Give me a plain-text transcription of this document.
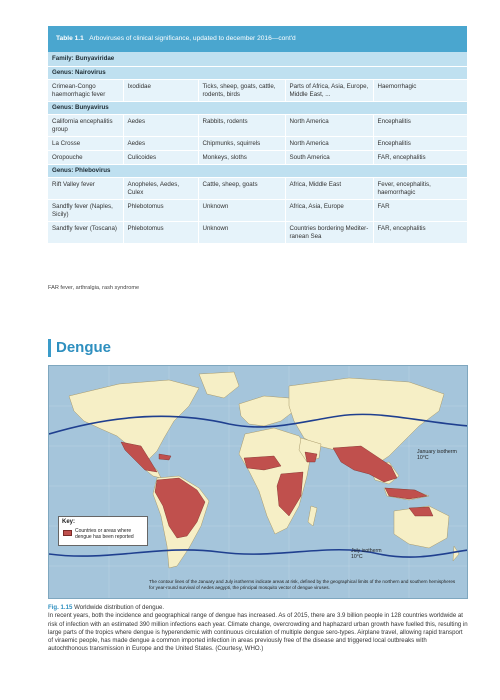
Table 1.1 Arboviruses of clinical significance, updated to december 2016—cont'd
Family: Bunyaviridae				
Genus: Nairovirus				
Crimean-Congo haemorrhagic fever	Ixodidae	Ticks, sheep, goats, cattle, rodents, birds	Parts of Africa, Asia, Europe, Middle East, ...	Haemorrhagic
Genus: Bunyavirus				
California encephalitis group	Aedes	Rabbits, rodents	North America	Encephalitis
La Crosse	Aedes	Chipmunks, squirrels	North America	Encephalitis
Oropouche	Culicoides	Monkeys, sloths	South America	FAR, encephalitis
Genus: Phlebovirus				
Rift Valley fever	Anopheles, Aedes, Culex	Cattle, sheep, goats	Africa, Middle East	Fever, encephalitis, haemorrhagic
Sandfly fever (Naples, Sicily)	Phlebotomus	Unknown	Africa, Asia, Europe	FAR
Sandfly fever (Toscana)	Phlebotomus	Unknown	Countries bordering Mediter-ranean Sea	FAR, encephalitis
FAR fever, arthralgia, rash syndrome
Dengue
January isotherm
10°C
July isotherm
10°C
Key:
Countries or areas where dengue has been reported
The contour lines of the January and July isotherms indicate areas at risk, defined by the geographical limits of the northern and southern hemispheres for year-round survival of Aedes aegypti, the principal mosquito vector of dengue viruses.
Fig. 1.15 Worldwide distribution of dengue.
In recent years, both the incidence and geographical range of dengue has increased. As of 2015, there are 3.9 billion people in 128 countries worldwide at risk of infection with an estimated 390 million infections each year. Climate change, overcrowding and haphazard urban growth have fuelled this, resulting in large parts of the tropics where dengue is hyperendemic with continuous circulation of multiple dengue sero-types. Airplane travel, allowing rapid transport of viraemic people, has made dengue a common imported infection in areas previously free of the disease and triggered local outbreaks with autochthonous transmission in Europe and the United States. (Courtesy, WHO.)
